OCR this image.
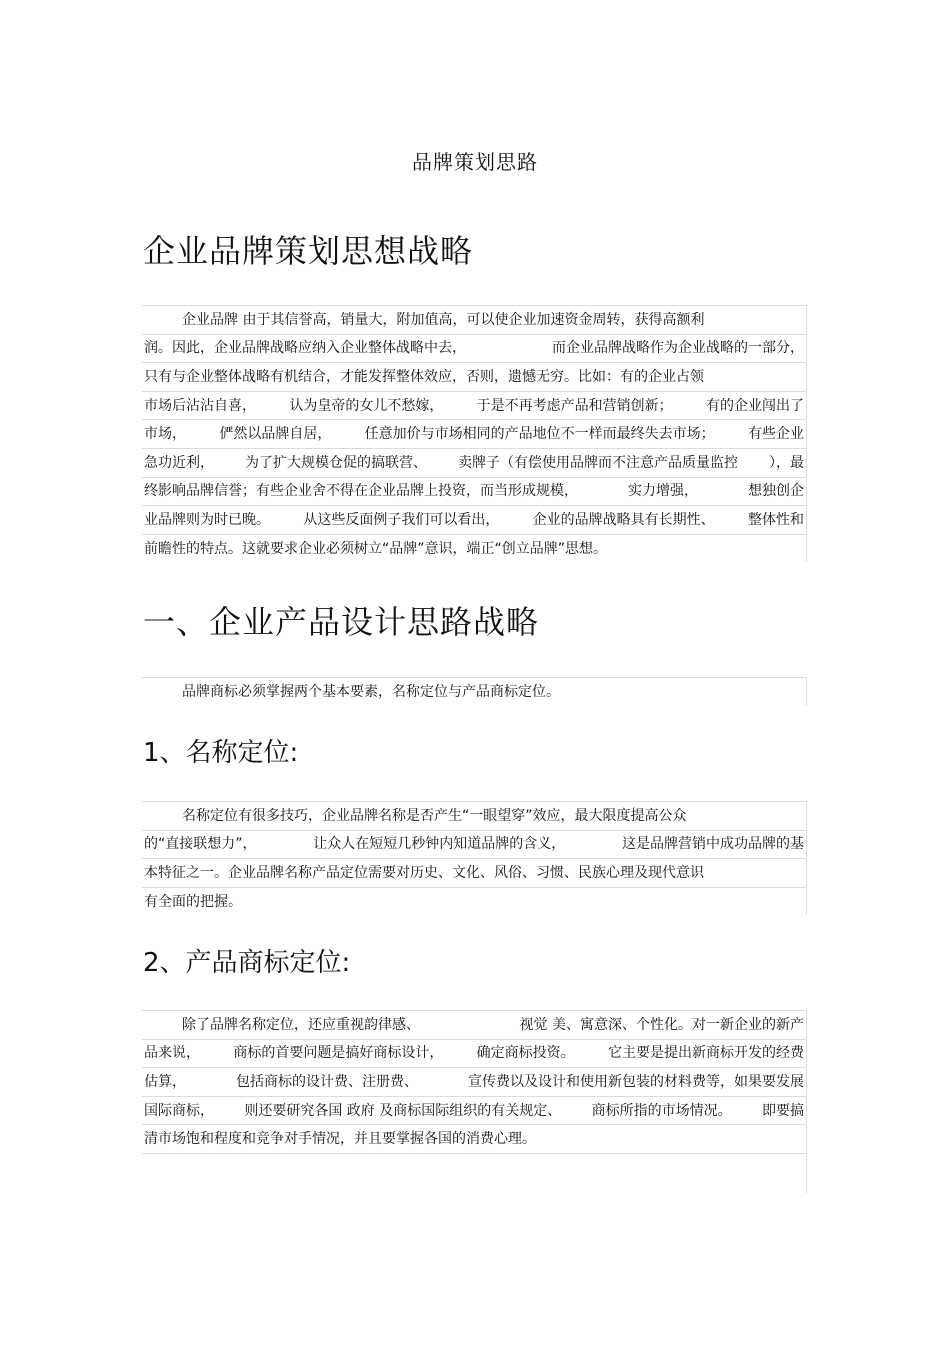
品牌策划思路
企业品牌策划思想战略
企业品牌 由于其信誉高，销量大，附加值高，可以使企业加速资金周转，获得高额利
润。因此，企业品牌战略应纳入企业整体战略中去，	而企业品牌战略作为企业战略的一部分，
只有与企业整体战略有机结合，才能发挥整体效应，否则，遗憾无穷。比如：有的企业占领
市场后沾沾自喜， 认为皇帝的女儿不愁嫁， 于是不再考虑产品和营销创新； 有的企业闯出了
市场， 俨然以品牌自居， 任意加价与市场相同的产品地位不一样而最终失去市场； 有些企业
急功近利， 为了扩大规模仓促的搞联营、 卖牌子（有偿使用品牌而不注意产品质量监控 ），最
终影响品牌信誉；有些企业舍不得在企业品牌上投资，而当形成规模，	实力增强，	想独创企
业品牌则为时已晚。 从这些反面例子我们可以看出， 企业的品牌战略具有长期性、 整体性和
前瞻性的特点。这就要求企业必须树立“品牌”意识，端正“创立品牌”思想。
一、企业产品设计思路战略
品牌商标必须掌握两个基本要素，名称定位与产品商标定位。
1、名称定位:
名称定位有很多技巧，企业品牌名称是否产生“一眼望穿”效应，最大限度提高公众
的“直接联想力”，	让众人在短短几秒钟内知道品牌的含义，	这是品牌营销中成功品牌的基
本特征之一。企业品牌名称产品定位需要对历史、文化、风俗、习惯、民族心理及现代意识
有全面的把握。
2、产品商标定位:
除了品牌名称定位，还应重视韵律感、	视觉 美、寓意深、个性化。对一新企业的新产
品来说， 商标的首要问题是搞好商标设计， 确定商标投资。 它主要是提出新商标开发的经费
估算，	包括商标的设计费、注册费、	宣传费以及设计和使用新包装的材料费等，如果要发展
国际商标， 则还要研究各国 政府 及商标国际组织的有关规定、 商标所指的市场情况。 即要搞
清市场饱和程度和竞争对手情况，并且要掌握各国的消费心理。
